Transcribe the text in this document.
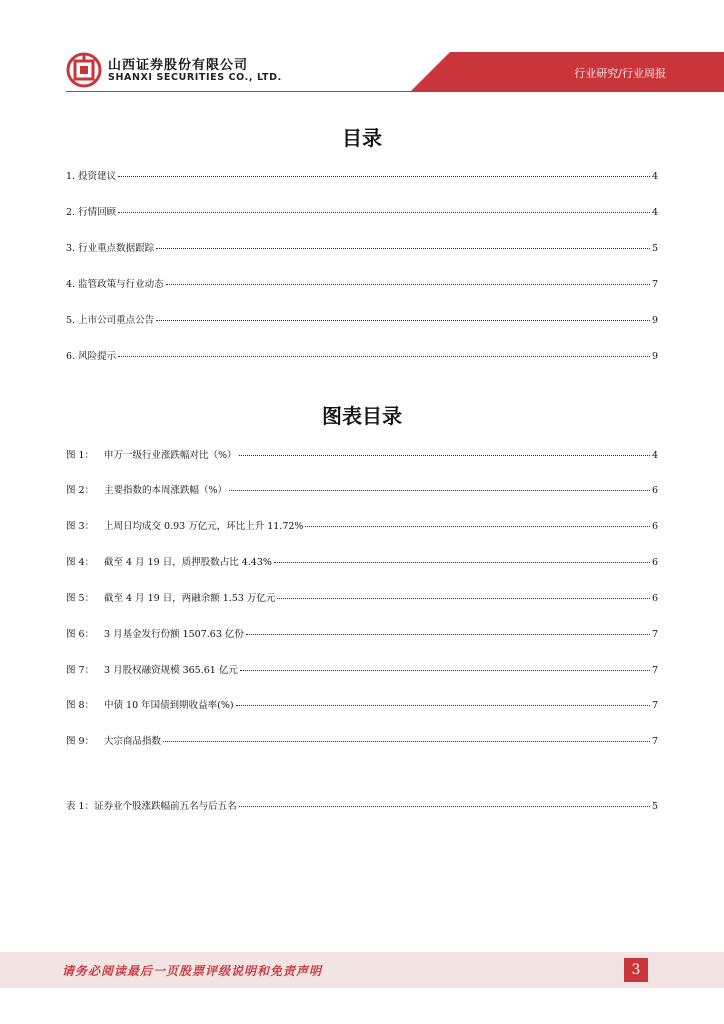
山西证券股份有限公司
SHANXI SECURITIES CO., LTD.	行业研究/行业周报
目录
1. 投资建议	4
2. 行情回顾	4
3. 行业重点数据跟踪	5
4. 监管政策与行业动态	7
5. 上市公司重点公告	9
6. 风险提示	9
图表目录
图 1： 申万一级行业涨跌幅对比（%）	4
图 2： 主要指数的本周涨跌幅（%）	6
图 3： 上周日均成交 0.93 万亿元，环比上升 11.72%	6
图 4： 截至 4 月 19 日，质押股数占比 4.43%	6
图 5： 截至 4 月 19 日，两融余额 1.53 万亿元	6
图 6： 3 月基金发行份额 1507.63 亿份	7
图 7： 3 月股权融资规模 365.61 亿元	7
图 8： 中债 10 年国债到期收益率(%)	7
图 9： 大宗商品指数	7
表 1：证券业个股涨跌幅前五名与后五名	5
请务必阅读最后一页股票评级说明和免责声明	3
